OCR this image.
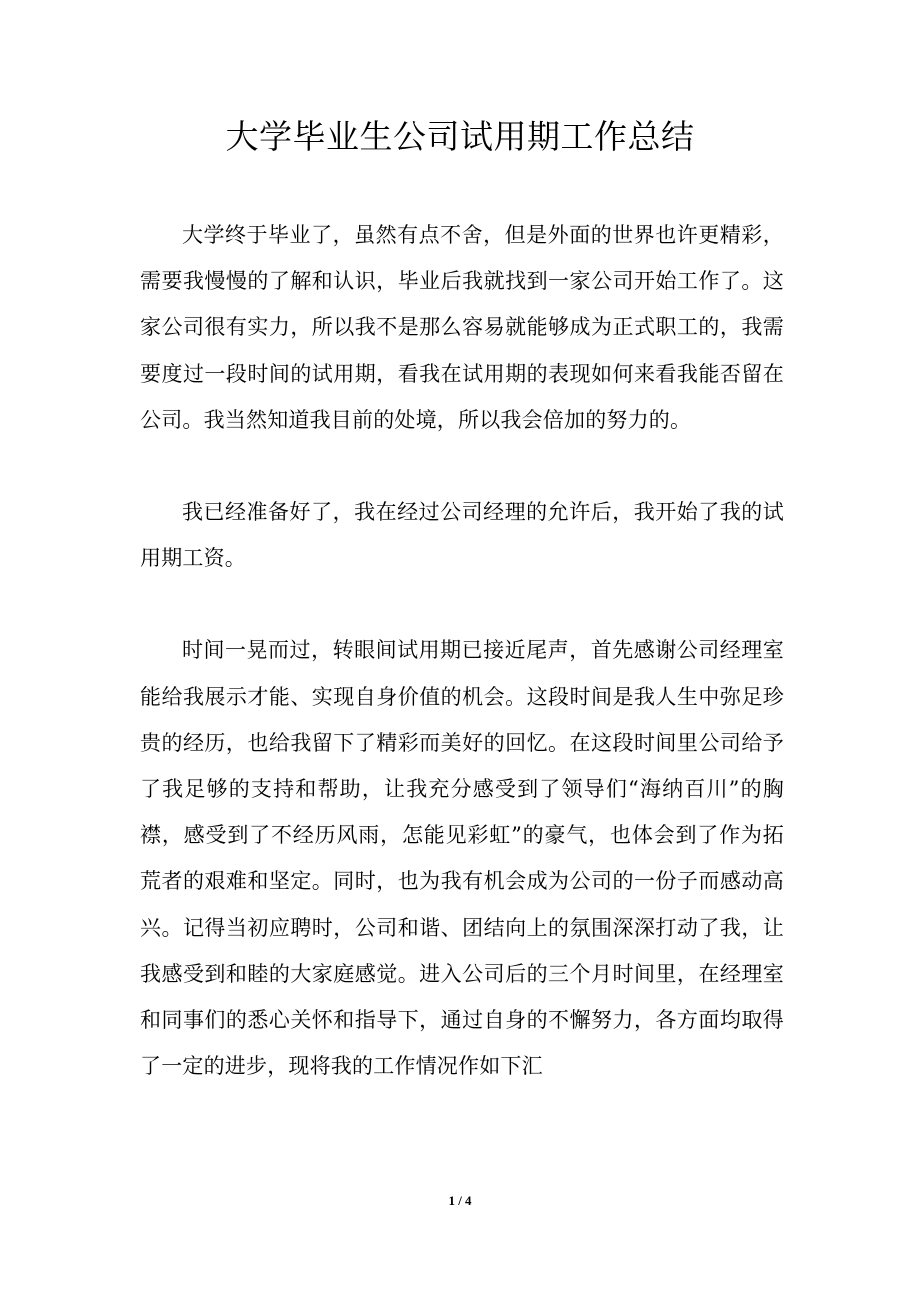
大学毕业生公司试用期工作总结

大学终于毕业了，虽然有点不舍，但是外面的世界也许更精彩，需要我慢慢的了解和认识，毕业后我就找到一家公司开始工作了。这家公司很有实力，所以我不是那么容易就能够成为正式职工的，我需要度过一段时间的试用期，看我在试用期的表现如何来看我能否留在公司。我当然知道我目前的处境，所以我会倍加的努力的。

我已经准备好了，我在经过公司经理的允许后，我开始了我的试用期工资。

时间一晃而过，转眼间试用期已接近尾声，首先感谢公司经理室能给我展示才能、实现自身价值的机会。这段时间是我人生中弥足珍贵的经历，也给我留下了精彩而美好的回忆。在这段时间里公司给予了我足够的支持和帮助，让我充分感受到了领导们“海纳百川”的胸襟，感受到了不经历风雨，怎能见彩虹”的豪气，也体会到了作为拓荒者的艰难和坚定。同时，也为我有机会成为公司的一份子而感动高兴。记得当初应聘时，公司和谐、团结向上的氛围深深打动了我，让我感受到和睦的大家庭感觉。进入公司后的三个月时间里，在经理室和同事们的悉心关怀和指导下，通过自身的不懈努力，各方面均取得了一定的进步，现将我的工作情况作如下汇

1 / 4
